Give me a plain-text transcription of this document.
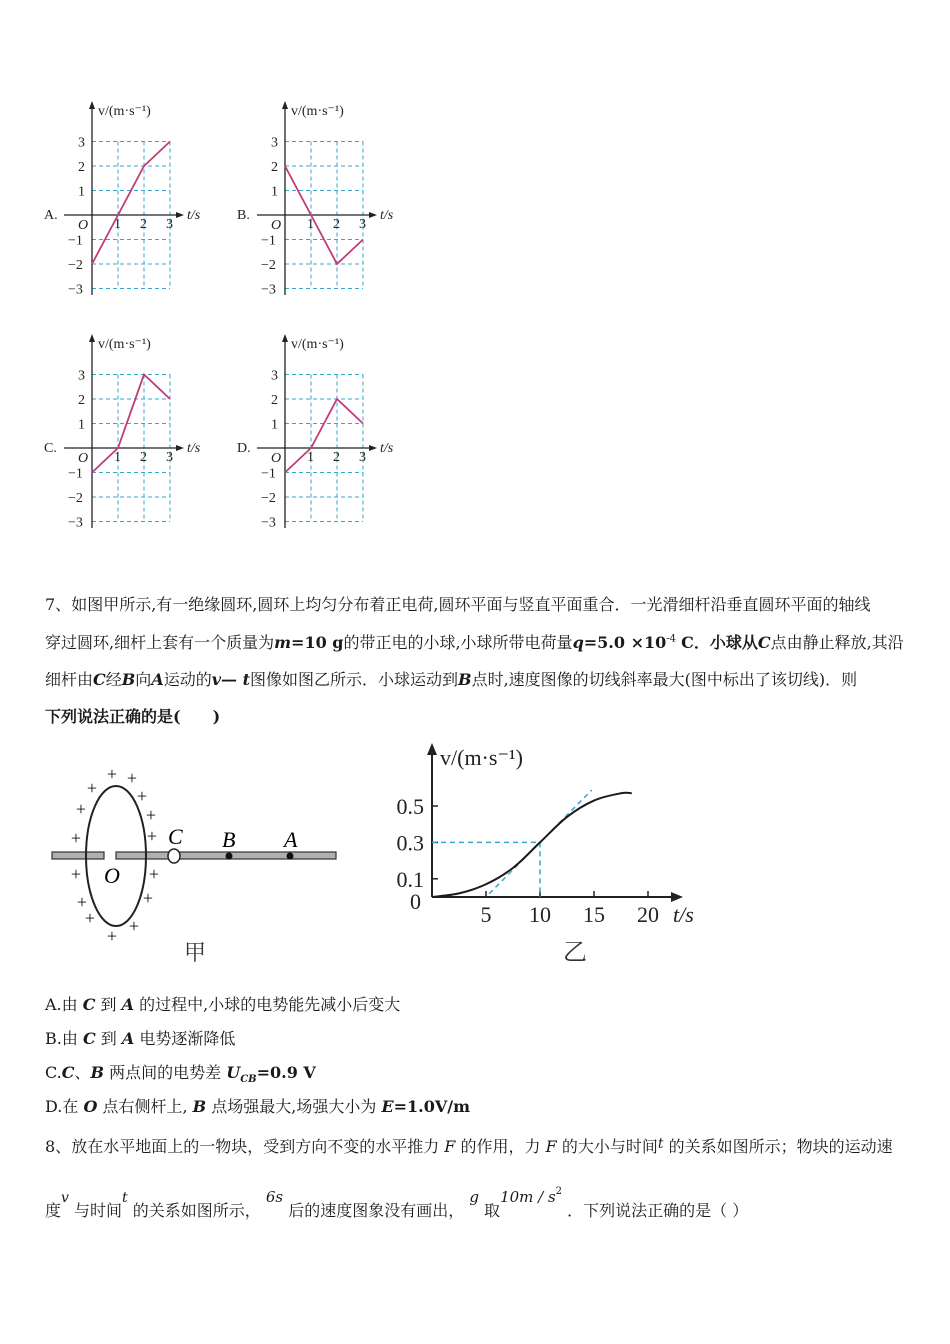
v/(m·s⁻¹)
t/s
O
A.
1 2 3
3
2
1
−1
−2
−3
v/(m·s⁻¹)
t/s
O
B.
1 2 3
3
2
1
−1
−2
−3
v/(m·s⁻¹)
t/s
O
C.
1 2 3
3
2
1
−1
−2
−3
v/(m·s⁻¹)
t/s
O
D.
1 2 3
3
2
1
−1
−2
−3
7、如图甲所示,有一绝缘圆环,圆环上均匀分布着正电荷,圆环平面与竖直平面重合．一光滑细杆沿垂直圆环平面的轴线
穿过圆环,细杆上套有一个质量为m=10 g的带正电的小球,小球所带电荷量$q=5.0 \times 10^{-4}$ C．小球从C点由静止释放,其沿
细杆由C经B向A运动的v— t图像如图乙所示．小球运动到B点时,速度图像的切线斜率最大(图中标出了该切线)．则
下列说法正确的是(　　)
O
C B A
+ +
+ +
+	+
+	+
+	+
+	+
+
+ +
甲
v/(m·s⁻¹)
t/s
0
5 10 15 20
0.5
0.3
0.1
乙
A.由 C 到 A 的过程中,小球的电势能先减小后变大
B.由 C 到 A 电势逐渐降低
C.C、B 两点间的电势差 $U_{CB}=0.9$ V
D.在 O 点右侧杆上, B 点场强最大,场强大小为 E=1.0V/m
8、放在水平地面上的一物块，受到方向不变的水平推力 F 的作用，力 F 的大小与时间t 的关系如图所示；物块的运动速
度v 与时间t 的关系如图所示， 6s 后的速度图象没有画出， g 取$10m / s^2$ ．下列说法正确的是（ ）
